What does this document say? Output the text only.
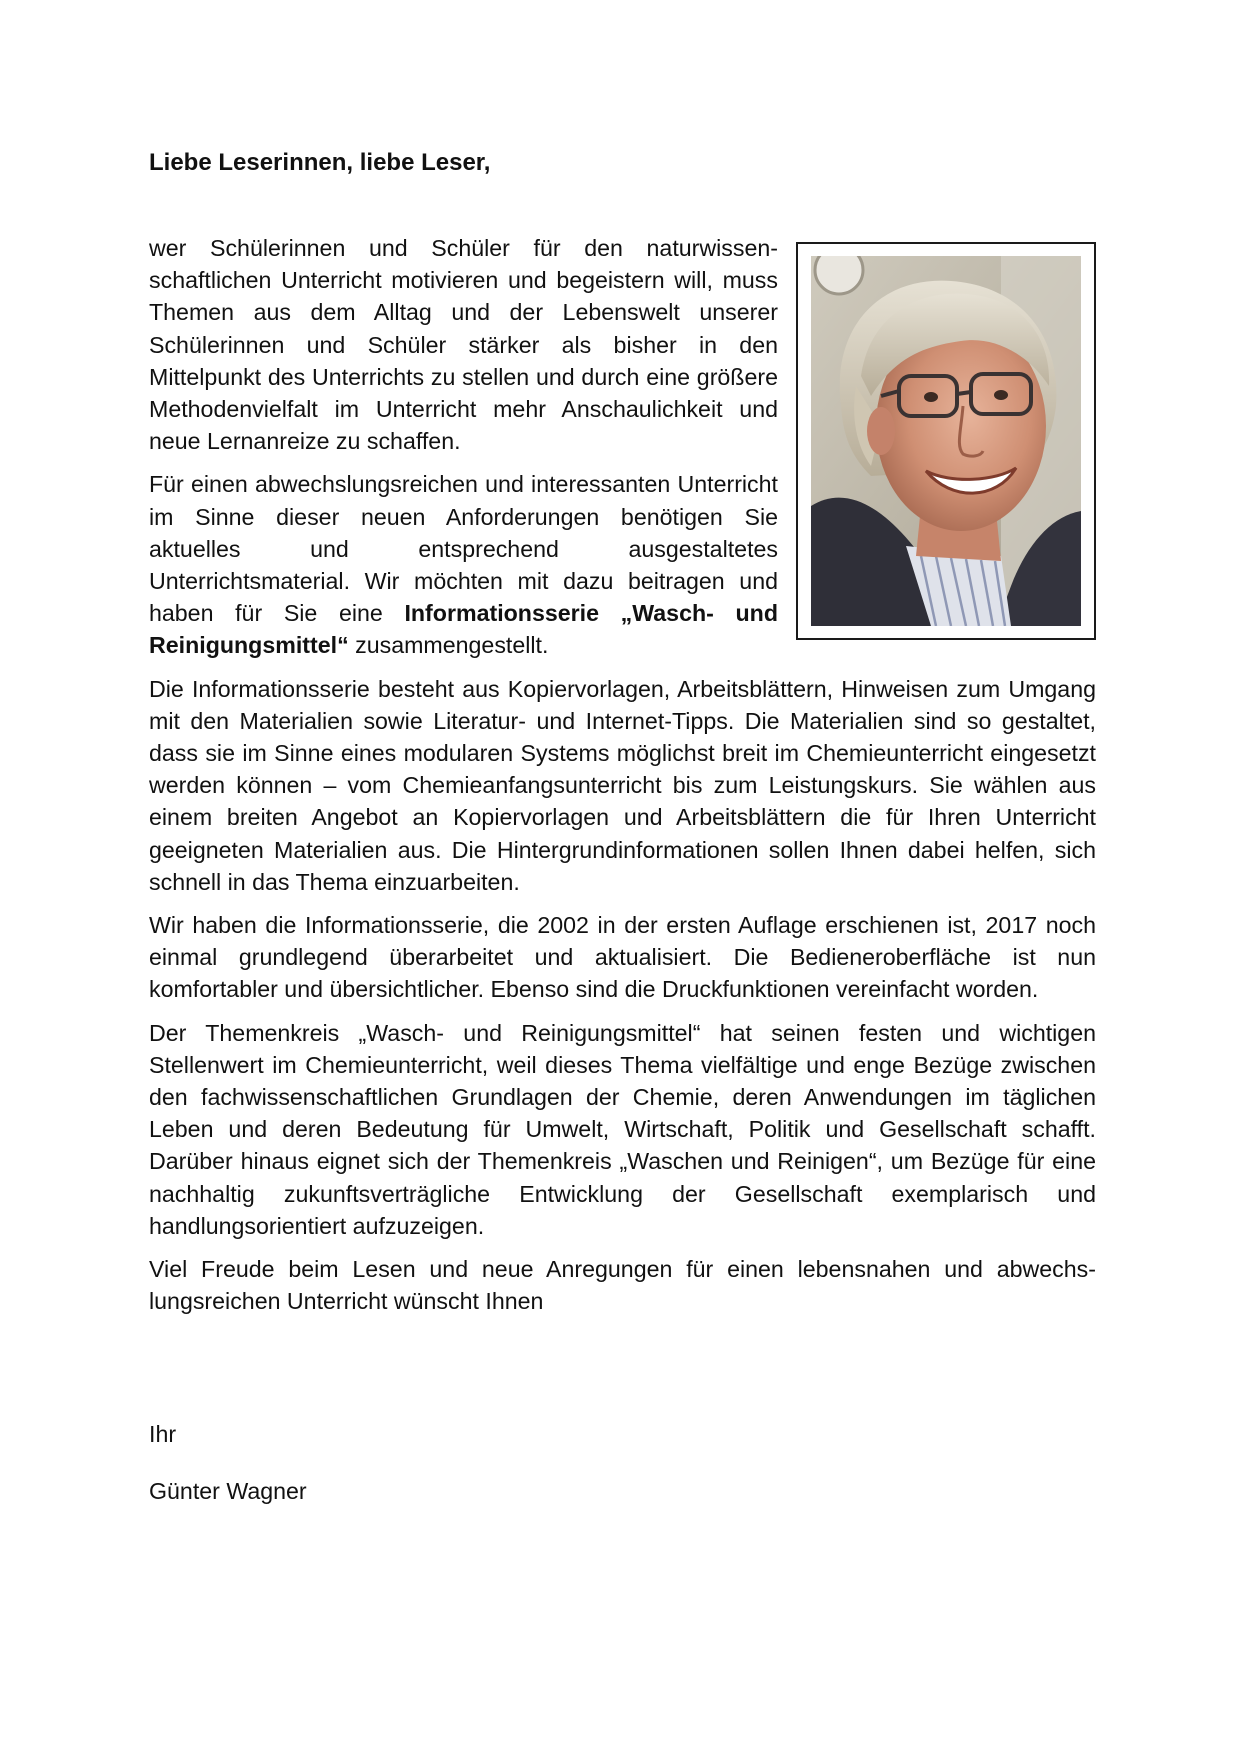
Liebe Leserinnen, liebe Leser,

wer Schülerinnen und Schüler für den naturwissenschaftlichen Unterricht motivieren und begeistern will, muss Themen aus dem Alltag und der Lebenswelt unserer Schülerinnen und Schüler stärker als bisher in den Mittelpunkt des Unterrichts zu stellen und durch eine größere Methodenvielfalt im Unterricht mehr Anschaulichkeit und neue Lernanreize zu schaffen.

Für einen abwechslungsreichen und interessanten Unterricht im Sinne dieser neuen Anforderungen benötigen Sie aktuelles und entsprechend ausgestaltetes Unterrichtsmaterial. Wir möchten mit dazu beitragen und haben für Sie eine Informationsserie „Wasch- und Reinigungsmittel“ zusammengestellt.

Die Informationsserie besteht aus Kopiervorlagen, Arbeitsblättern, Hinweisen zum Umgang mit den Materialien sowie Literatur- und Internet-Tipps. Die Materialien sind so gestaltet, dass sie im Sinne eines modularen Systems möglichst breit im Chemieunterricht eingesetzt werden können – vom Chemieanfangsunterricht bis zum Leistungskurs. Sie wählen aus einem breiten Angebot an Kopiervorlagen und Arbeitsblättern die für Ihren Unterricht geeigneten Materialien aus. Die Hintergrundinformationen sollen Ihnen dabei helfen, sich schnell in das Thema einzuarbeiten.

Wir haben die Informationsserie, die 2002 in der ersten Auflage erschienen ist, 2017 noch einmal grundlegend überarbeitet und aktualisiert. Die Bedieneroberfläche ist nun komfortabler und übersichtlicher. Ebenso sind die Druckfunktionen vereinfacht worden.

Der Themenkreis „Wasch- und Reinigungsmittel“ hat seinen festen und wichtigen Stellenwert im Chemieunterricht, weil dieses Thema vielfältige und enge Bezüge zwischen den fachwissenschaftlichen Grundlagen der Chemie, deren Anwendungen im täglichen Leben und deren Bedeutung für Umwelt, Wirtschaft, Politik und Gesellschaft schafft. Darüber hinaus eignet sich der Themenkreis „Waschen und Reinigen“, um Bezüge für eine nachhaltig zukunftsverträgliche Entwicklung der Gesellschaft exemplarisch und handlungsorientiert aufzuzeigen.

Viel Freude beim Lesen und neue Anregungen für einen lebensnahen und abwechslungsreichen Unterricht wünscht Ihnen

Ihr
Günter Wagner
